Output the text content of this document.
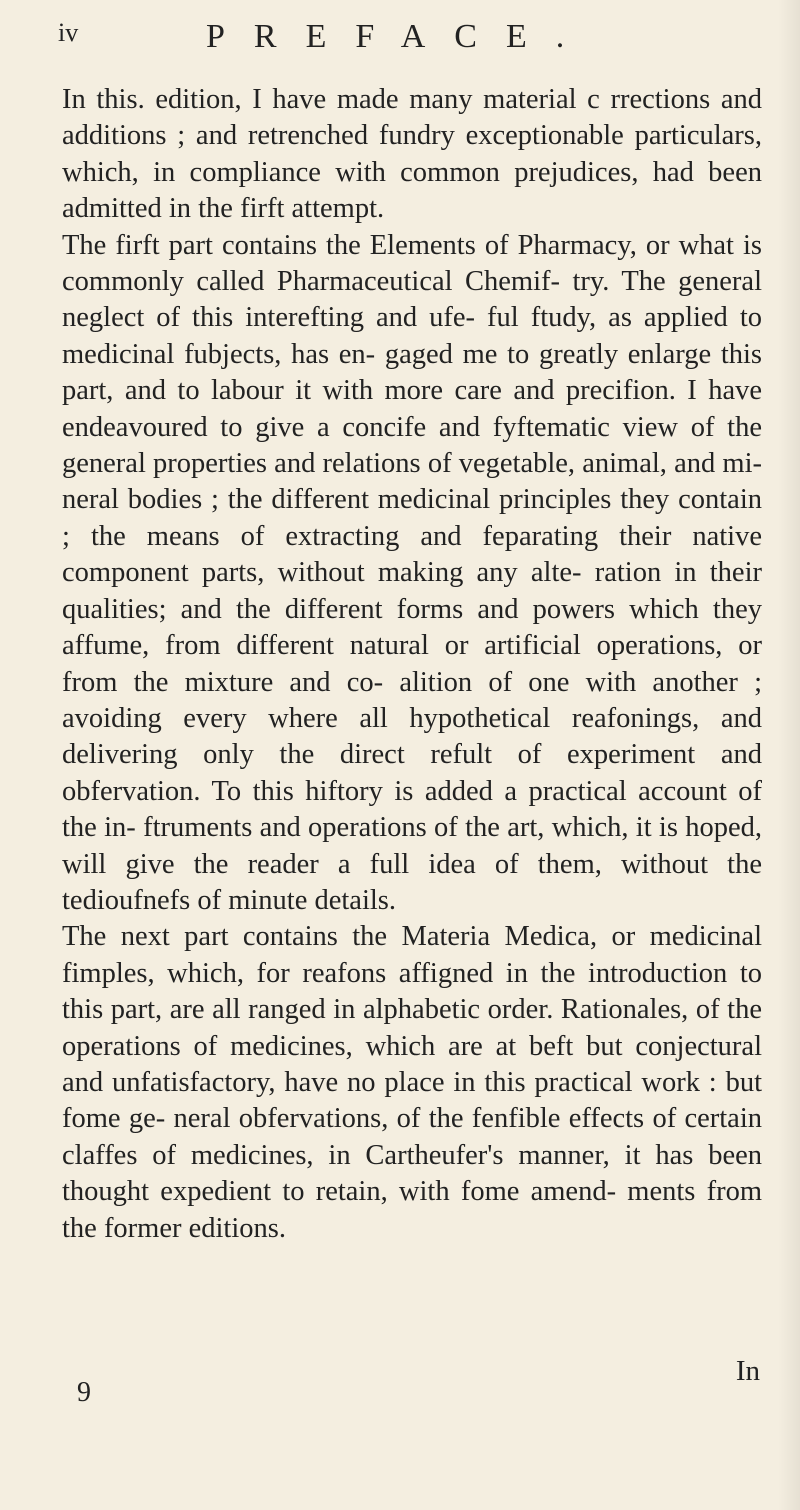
iv	PREFACE.

In this. edition, I have made many material c rrections and additions ; and retrenched fundry exceptionable particulars, which, in compliance with common prejudices, had been admitted in the firft attempt.

The firft part contains the Elements of Pharmacy, or what is commonly called Pharmaceutical Chemif- try. The general neglect of this interefting and ufe- ful ftudy, as applied to medicinal fubjects, has en- gaged me to greatly enlarge this part, and to labour it with more care and precifion. I have endeavoured to give a concife and fyftematic view of the general properties and relations of vegetable, animal, and mi- neral bodies ; the different medicinal principles they contain ; the means of extracting and feparating their native component parts, without making any alte- ration in their qualities; and the different forms and powers which they affume, from different natural or artificial operations, or from the mixture and co- alition of one with another ; avoiding every where all hypothetical reafonings, and delivering only the direct refult of experiment and obfervation. To this hiftory is added a practical account of the in- ftruments and operations of the art, which, it is hoped, will give the reader a full idea of them, without the tedioufnefs of minute details.

The next part contains the Materia Medica, or medicinal fimples, which, for reafons affigned in the introduction to this part, are all ranged in alphabetic order. Rationales, of the operations of medicines, which are at beft but conjectural and unfatisfactory, have no place in this practical work : but fome ge- neral obfervations, of the fenfible effects of certain claffes of medicines, in Cartheufer's manner, it has been thought expedient to retain, with fome amend- ments from the former editions.

In
9
